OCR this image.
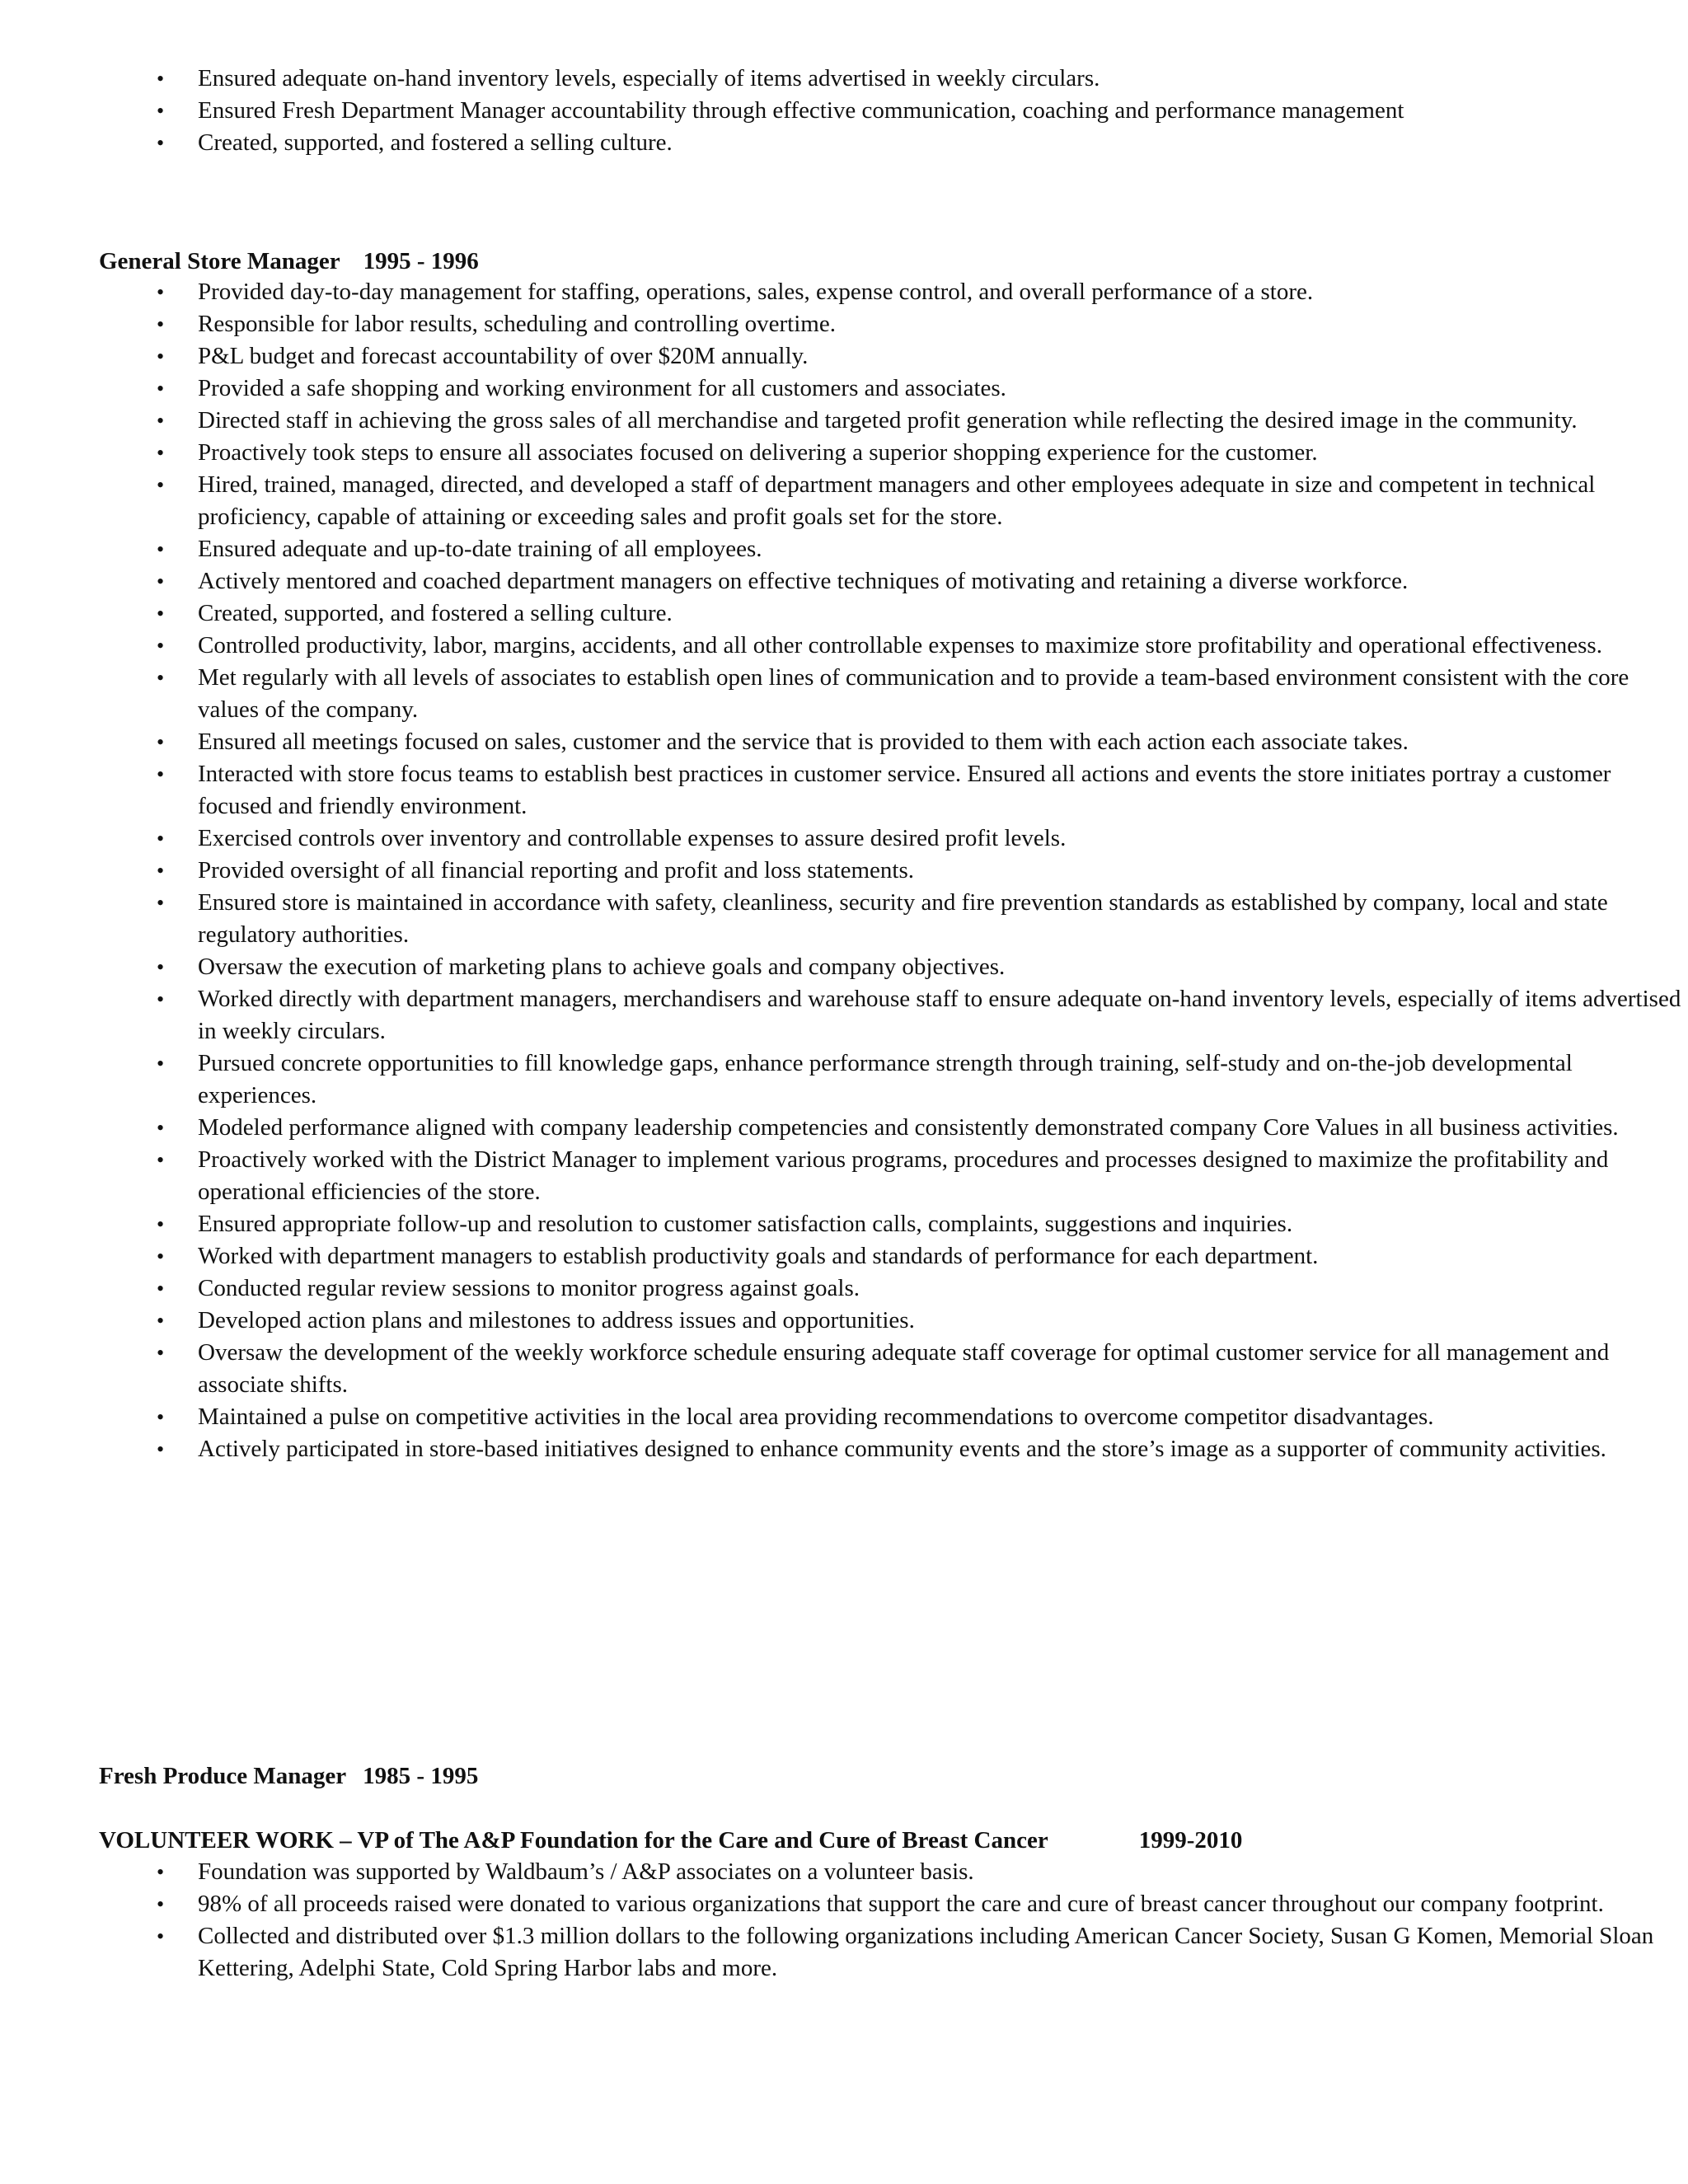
• Ensured adequate on-hand inventory levels, especially of items advertised in weekly circulars.
• Ensured Fresh Department Manager accountability through effective communication, coaching and performance management
• Created, supported, and fostered a selling culture.
General Store Manager 1995 - 1996
• Provided day-to-day management for staffing, operations, sales, expense control, and overall performance of a store.
• Responsible for labor results, scheduling and controlling overtime.
• P&L budget and forecast accountability of over $20M annually.
• Provided a safe shopping and working environment for all customers and associates.
• Directed staff in achieving the gross sales of all merchandise and targeted profit generation while reflecting the desired image in the community.
• Proactively took steps to ensure all associates focused on delivering a superior shopping experience for the customer.
• Hired, trained, managed, directed, and developed a staff of department managers and other employees adequate in size and competent in technical proficiency, capable of attaining or exceeding sales and profit goals set for the store.
• Ensured adequate and up-to-date training of all employees.
• Actively mentored and coached department managers on effective techniques of motivating and retaining a diverse workforce.
• Created, supported, and fostered a selling culture.
• Controlled productivity, labor, margins, accidents, and all other controllable expenses to maximize store profitability and operational effectiveness.
• Met regularly with all levels of associates to establish open lines of communication and to provide a team-based environment consistent with the core values of the company.
• Ensured all meetings focused on sales, customer and the service that is provided to them with each action each associate takes.
• Interacted with store focus teams to establish best practices in customer service. Ensured all actions and events the store initiates portray a customer focused and friendly environment.
• Exercised controls over inventory and controllable expenses to assure desired profit levels.
• Provided oversight of all financial reporting and profit and loss statements.
• Ensured store is maintained in accordance with safety, cleanliness, security and fire prevention standards as established by company, local and state regulatory authorities.
• Oversaw the execution of marketing plans to achieve goals and company objectives.
• Worked directly with department managers, merchandisers and warehouse staff to ensure adequate on-hand inventory levels, especially of items advertised in weekly circulars.
• Pursued concrete opportunities to fill knowledge gaps, enhance performance strength through training, self-study and on-the-job developmental experiences.
• Modeled performance aligned with company leadership competencies and consistently demonstrated company Core Values in all business activities.
• Proactively worked with the District Manager to implement various programs, procedures and processes designed to maximize the profitability and operational efficiencies of the store.
• Ensured appropriate follow-up and resolution to customer satisfaction calls, complaints, suggestions and inquiries.
• Worked with department managers to establish productivity goals and standards of performance for each department.
• Conducted regular review sessions to monitor progress against goals.
• Developed action plans and milestones to address issues and opportunities.
• Oversaw the development of the weekly workforce schedule ensuring adequate staff coverage for optimal customer service for all management and associate shifts.
• Maintained a pulse on competitive activities in the local area providing recommendations to overcome competitor disadvantages.
• Actively participated in store-based initiatives designed to enhance community events and the store’s image as a supporter of community activities.
Fresh Produce Manager 1985 - 1995
VOLUNTEER WORK – VP of The A&P Foundation for the Care and Cure of Breast Cancer	1999-2010
• Foundation was supported by Waldbaum’s / A&P associates on a volunteer basis.
• 98% of all proceeds raised were donated to various organizations that support the care and cure of breast cancer throughout our company footprint.
• Collected and distributed over $1.3 million dollars to the following organizations including American Cancer Society, Susan G Komen, Memorial Sloan Kettering, Adelphi State, Cold Spring Harbor labs and more.
